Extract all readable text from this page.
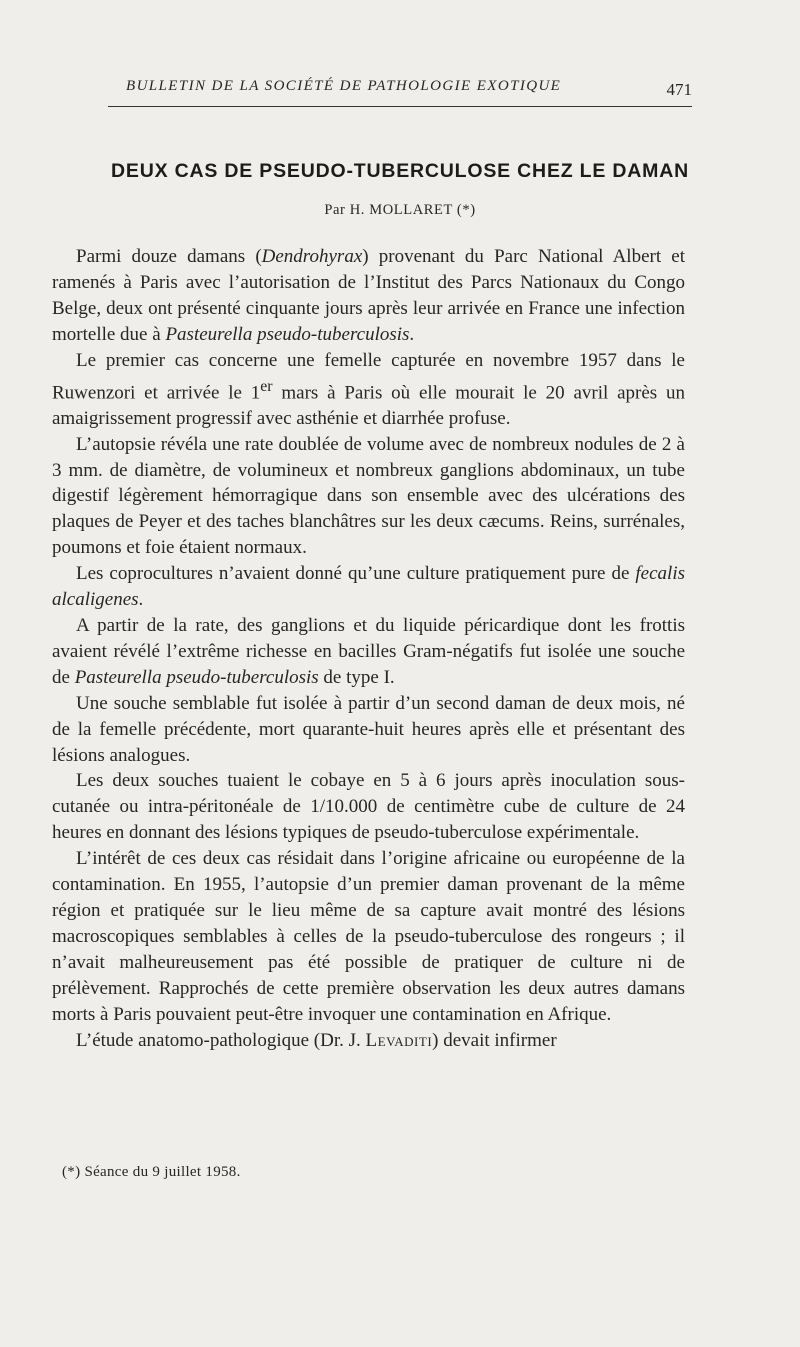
BULLETIN DE LA SOCIÉTÉ DE PATHOLOGIE EXOTIQUE	471
DEUX CAS DE PSEUDO-TUBERCULOSE CHEZ LE DAMAN
Par H. MOLLARET (*)

Parmi douze damans (Dendrohyrax) provenant du Parc National Albert et ramenés à Paris avec l’autorisation de l’Institut des Parcs Nationaux du Congo Belge, deux ont présenté cinquante jours après leur arrivée en France une infection mortelle due à Pasteurella pseudo-tuberculosis.

Le premier cas concerne une femelle capturée en novembre 1957 dans le Ruwenzori et arrivée le 1er mars à Paris où elle mourait le 20 avril après un amaigrissement progressif avec asthénie et diarrhée profuse.

L’autopsie révéla une rate doublée de volume avec de nombreux nodules de 2 à 3 mm. de diamètre, de volumineux et nombreux ganglions abdominaux, un tube digestif légèrement hémorragique dans son ensemble avec des ulcérations des plaques de Peyer et des taches blanchâtres sur les deux cæcums. Reins, surrénales, poumons et foie étaient normaux.

Les coprocultures n’avaient donné qu’une culture pratiquement pure de fecalis alcaligenes.

A partir de la rate, des ganglions et du liquide péricardique dont les frottis avaient révélé l’extrême richesse en bacilles Gram-négatifs fut isolée une souche de Pasteurella pseudo-tuberculosis de type I.

Une souche semblable fut isolée à partir d’un second daman de deux mois, né de la femelle précédente, mort quarante-huit heures après elle et présentant des lésions analogues.

Les deux souches tuaient le cobaye en 5 à 6 jours après inoculation sous-cutanée ou intra-péritonéale de 1/10.000 de centimètre cube de culture de 24 heures en donnant des lésions typiques de pseudo-tuberculose expérimentale.

L’intérêt de ces deux cas résidait dans l’origine africaine ou européenne de la contamination. En 1955, l’autopsie d’un premier daman provenant de la même région et pratiquée sur le lieu même de sa capture avait montré des lésions macroscopiques semblables à celles de la pseudo-tuberculose des rongeurs ; il n’avait malheureusement pas été possible de pratiquer de culture ni de prélèvement. Rapprochés de cette première observation les deux autres damans morts à Paris pouvaient peut-être invoquer une contamination en Afrique.

L’étude anatomo-pathologique (Dr. J. Levaditi) devait infirmer

(*) Séance du 9 juillet 1958.
